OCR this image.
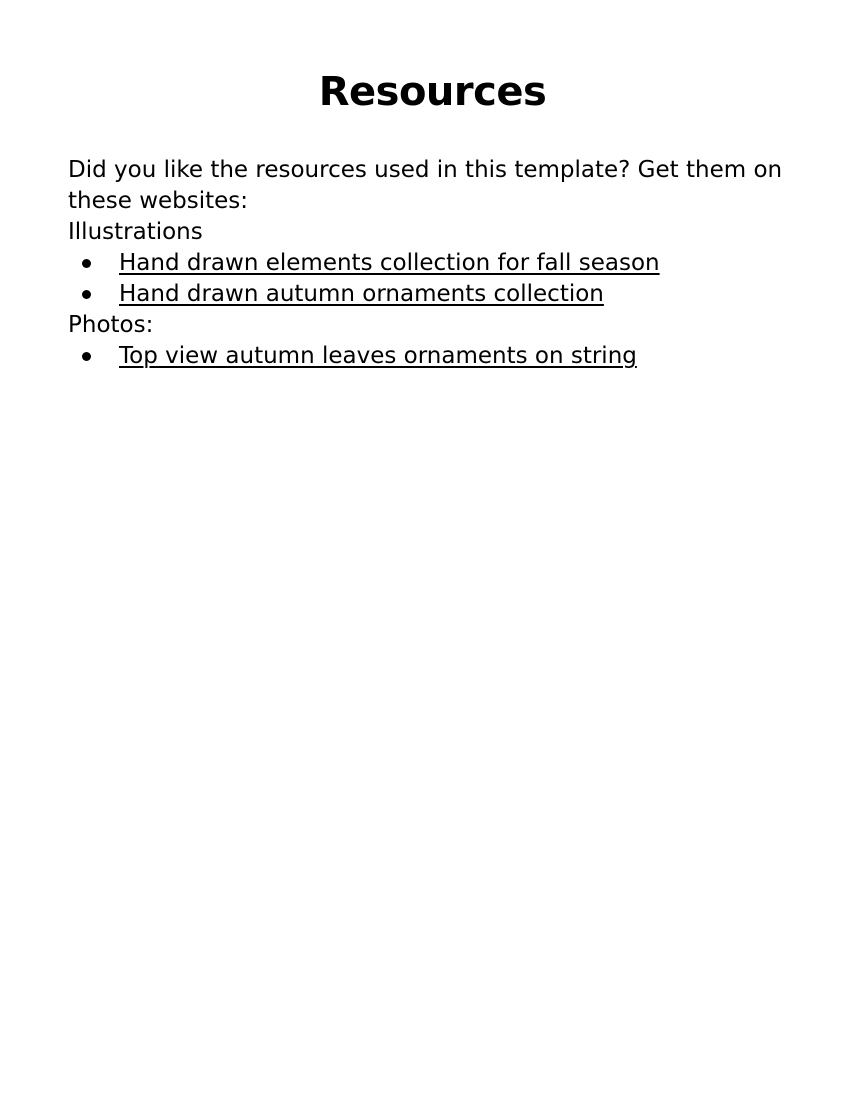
Resources

Did you like the resources used in this template? Get them on these websites:

Illustrations

Hand drawn elements collection for fall season
Hand drawn autumn ornaments collection

Photos:

Top view autumn leaves ornaments on string
